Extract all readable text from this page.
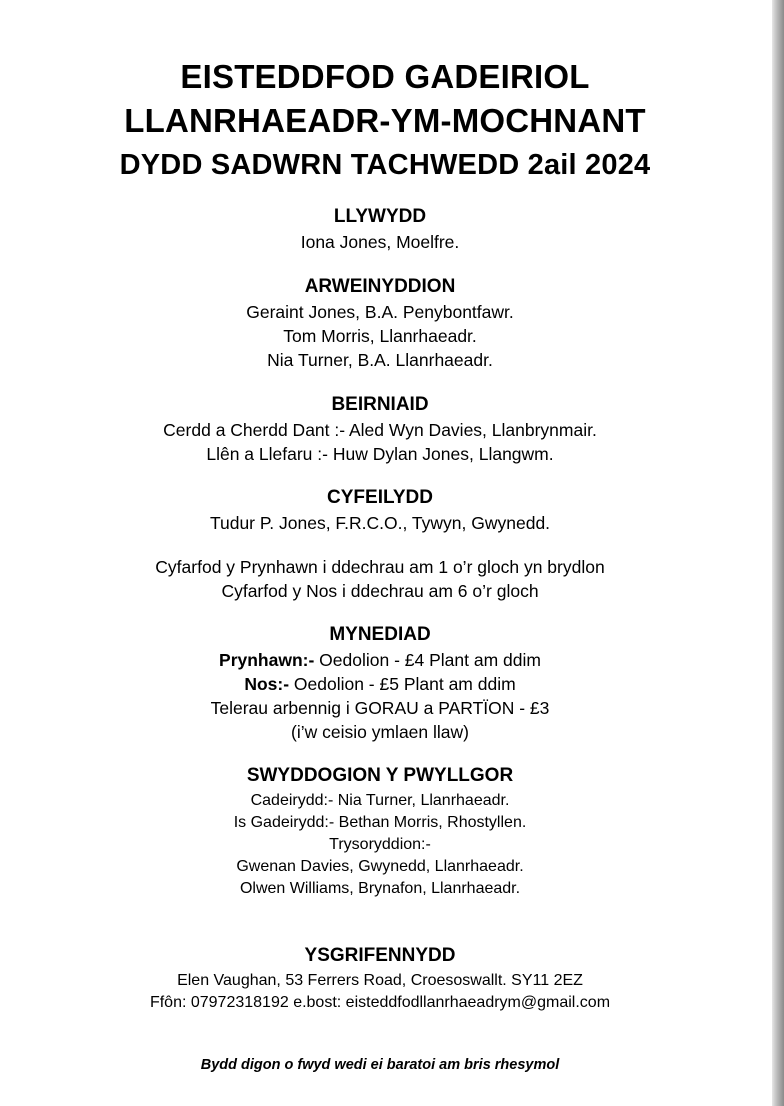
EISTEDDFOD GADEIRIOL
LLANRHAEADR-YM-MOCHNANT
DYDD SADWRN TACHWEDD 2ail 2024
LLYWYDD
Iona Jones, Moelfre.
ARWEINYDDION
Geraint Jones, B.A. Penybontfawr.
Tom Morris, Llanrhaeadr.
Nia Turner, B.A. Llanrhaeadr.
BEIRNIAID
Cerdd a Cherdd Dant :- Aled Wyn Davies, Llanbrynmair.
Llên a Llefaru :- Huw Dylan Jones, Llangwm.
CYFEILYDD
Tudur P. Jones, F.R.C.O., Tywyn, Gwynedd.
Cyfarfod y Prynhawn i ddechrau am 1 o’r gloch yn brydlon
Cyfarfod y Nos i ddechrau am 6 o’r gloch
MYNEDIAD
Prynhawn:- Oedolion - £4 Plant am ddim
Nos:- Oedolion - £5 Plant am ddim
Telerau arbennig i GORAU a PARTÏON - £3
(i’w ceisio ymlaen llaw)
SWYDDOGION Y PWYLLGOR
Cadeirydd:- Nia Turner, Llanrhaeadr.
Is Gadeirydd:- Bethan Morris, Rhostyllen.
Trysoryddion:-
Gwenan Davies, Gwynedd, Llanrhaeadr.
Olwen Williams, Brynafon, Llanrhaeadr.
YSGRIFENNYDD
Elen Vaughan, 53 Ferrers Road, Croesoswallt. SY11 2EZ
Ffôn: 07972318192 e.bost: eisteddfodllanrhaeadrym@gmail.com
Bydd digon o fwyd wedi ei baratoi am bris rhesymol
